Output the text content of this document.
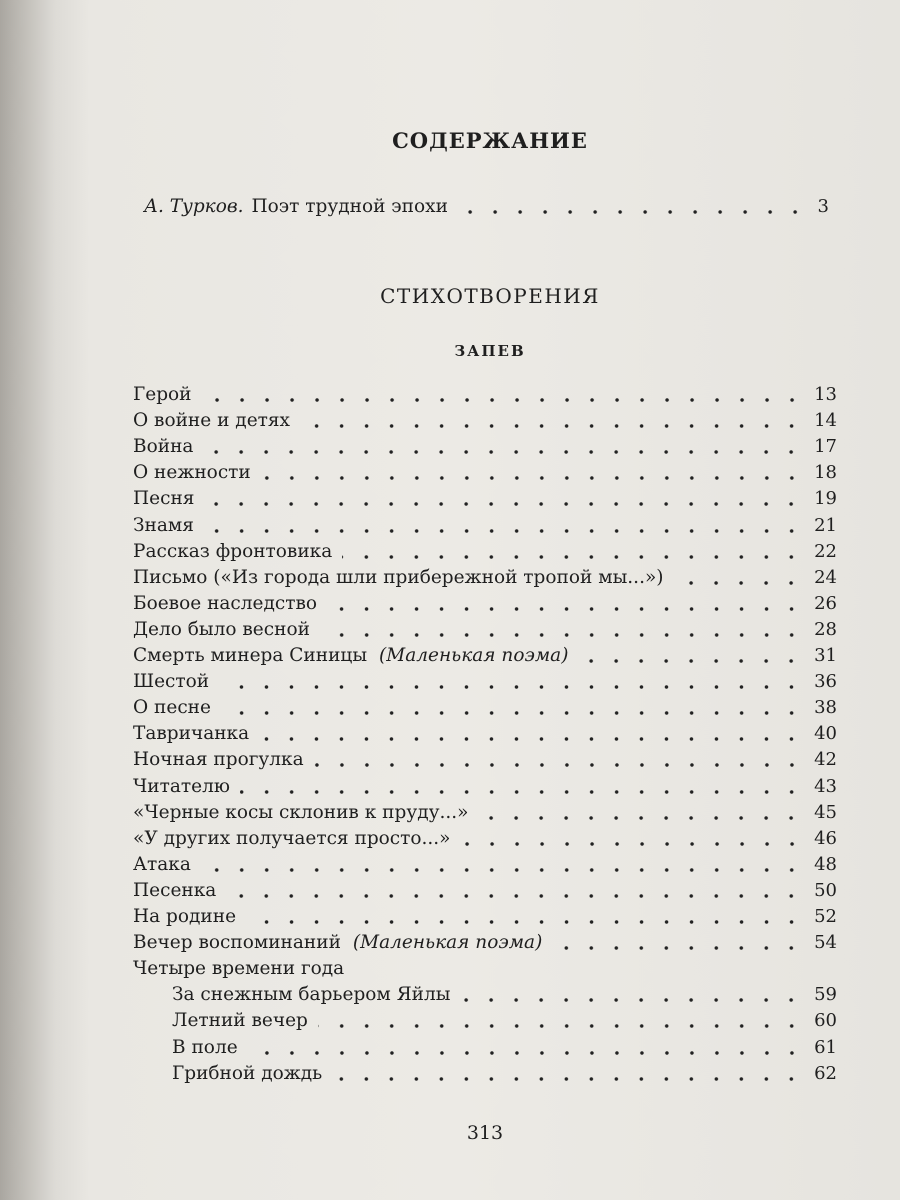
СОДЕРЖАНИЕ
А. Турков. Поэт трудной эпохи	3
СТИХОТВОРЕНИЯ
ЗАПЕВ
Герой	13
О войне и детях	14
Война	17
О нежности	18
Песня	19
Знамя	21
Рассказ фронтовика	22
Письмо («Из города шли прибережной тропой мы...»)	24
Боевое наследство	26
Дело было весной	28
Смерть минера Синицы (Маленькая поэма)	31
Шестой	36
О песне	38
Тавричанка	40
Ночная прогулка	42
Читателю	43
«Черные косы склонив к пруду...»	45
«У других получается просто...»	46
Атака	48
Песенка	50
На родине	52
Вечер воспоминаний (Маленькая поэма)	54
Четыре времени года
За снежным барьером Яйлы	59
Летний вечер	60
В поле	61
Грибной дождь	62
313
